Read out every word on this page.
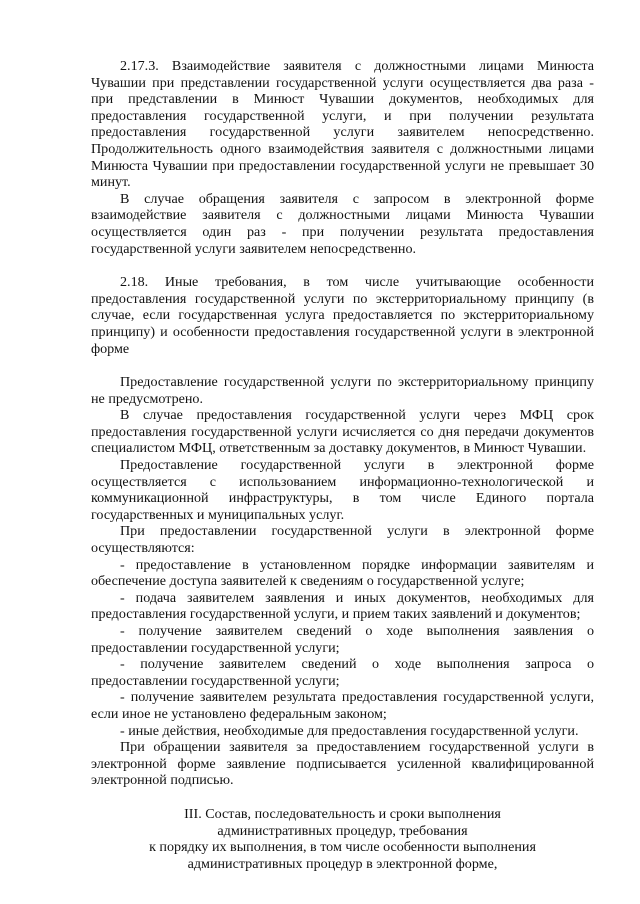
2.17.3. Взаимодействие заявителя с должностными лицами Минюста Чувашии при представлении государственной услуги осуществляется два раза - при представлении в Минюст Чувашии документов, необходимых для предоставления государственной услуги, и при получении результата предоставления государственной услуги заявителем непосредственно. Продолжительность одного взаимодействия заявителя с должностными лицами Минюста Чувашии при предоставлении государственной услуги не превышает 30 минут.

В случае обращения заявителя с запросом в электронной форме взаимодействие заявителя с должностными лицами Минюста Чувашии осуществляется один раз - при получении результата предоставления государственной услуги заявителем непосредственно.

2.18. Иные требования, в том числе учитывающие особенности предоставления государственной услуги по экстерриториальному принципу (в случае, если государственная услуга предоставляется по экстерриториальному принципу) и особенности предоставления государственной услуги в электронной форме

Предоставление государственной услуги по экстерриториальному принципу не предусмотрено.

В случае предоставления государственной услуги через МФЦ срок предоставления государственной услуги исчисляется со дня передачи документов специалистом МФЦ, ответственным за доставку документов, в Минюст Чувашии.

Предоставление государственной услуги в электронной форме осуществляется с использованием информационно-технологической и коммуникационной инфраструктуры, в том числе Единого портала государственных и муниципальных услуг.

При предоставлении государственной услуги в электронной форме осуществляются:

- предоставление в установленном порядке информации заявителям и обеспечение доступа заявителей к сведениям о государственной услуге;

- подача заявителем заявления и иных документов, необходимых для предоставления государственной услуги, и прием таких заявлений и документов;

- получение заявителем сведений о ходе выполнения заявления о предоставлении государственной услуги;

- получение заявителем сведений о ходе выполнения запроса о предоставлении государственной услуги;

- получение заявителем результата предоставления государственной услуги, если иное не установлено федеральным законом;

- иные действия, необходимые для предоставления государственной услуги.

При обращении заявителя за предоставлением государственной услуги в электронной форме заявление подписывается усиленной квалифицированной электронной подписью.

III. Состав, последовательность и сроки выполнения
административных процедур, требования
к порядку их выполнения, в том числе особенности выполнения
административных процедур в электронной форме,
